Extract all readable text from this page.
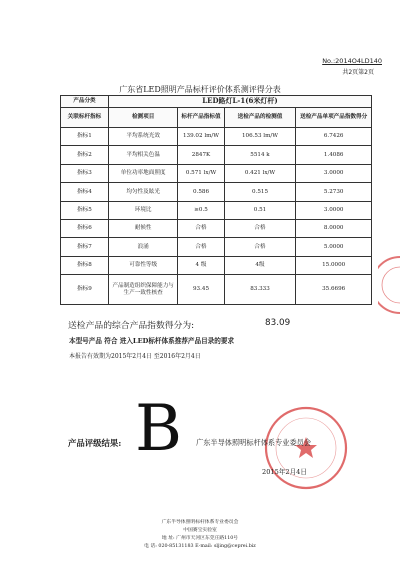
No.:2014O4LD140
共2页第2页
广东省LED照明产品标杆评价体系测评得分表
产品分类	LED路灯L-1(6米灯杆)			
关联标杆指标	检测项目	标杆产品指标值	送检产品的检测值	送检产品单项产品指数得分
指标1	平均系统光效	139.02 lm/W	106.53 lm/W	6.7426
指标2	平均相关色温	2847K	5514 k	1.4086
指标3	单位功率地面照度	0.571 lx/W	0.421 lx/W	3.0000
指标4	均匀性及眩光	0.586	0.515	5.2730
指标5	环境比	≥0.5	0.51	3.0000
指标6	耐候性	合格	合格	8.0000
指标7	浪涌	合格	合格	5.0000
指标8	可靠性等级	4 级	4级	15.0000
指标9	产品制造组织保障能力与生产一致性核查	93.45	83.333	35.6696
送检产品的综合产品指数得分为:	83.09
本型号产品 符合 进入LED标杆体系推荐产品目录的要求
本报告有效期为2015年2月4日 至2016年2月4日
产品评级结果: B 广东半导体照明标杆体系专业委员会
2015年2月4日
广东半导体照明标杆体系专业委员会
中国赛宝实验室
地 址: 广州市天河区东莞庄路110号
电 话: 020-85131183 E-mail: sljing@ceprei.biz
